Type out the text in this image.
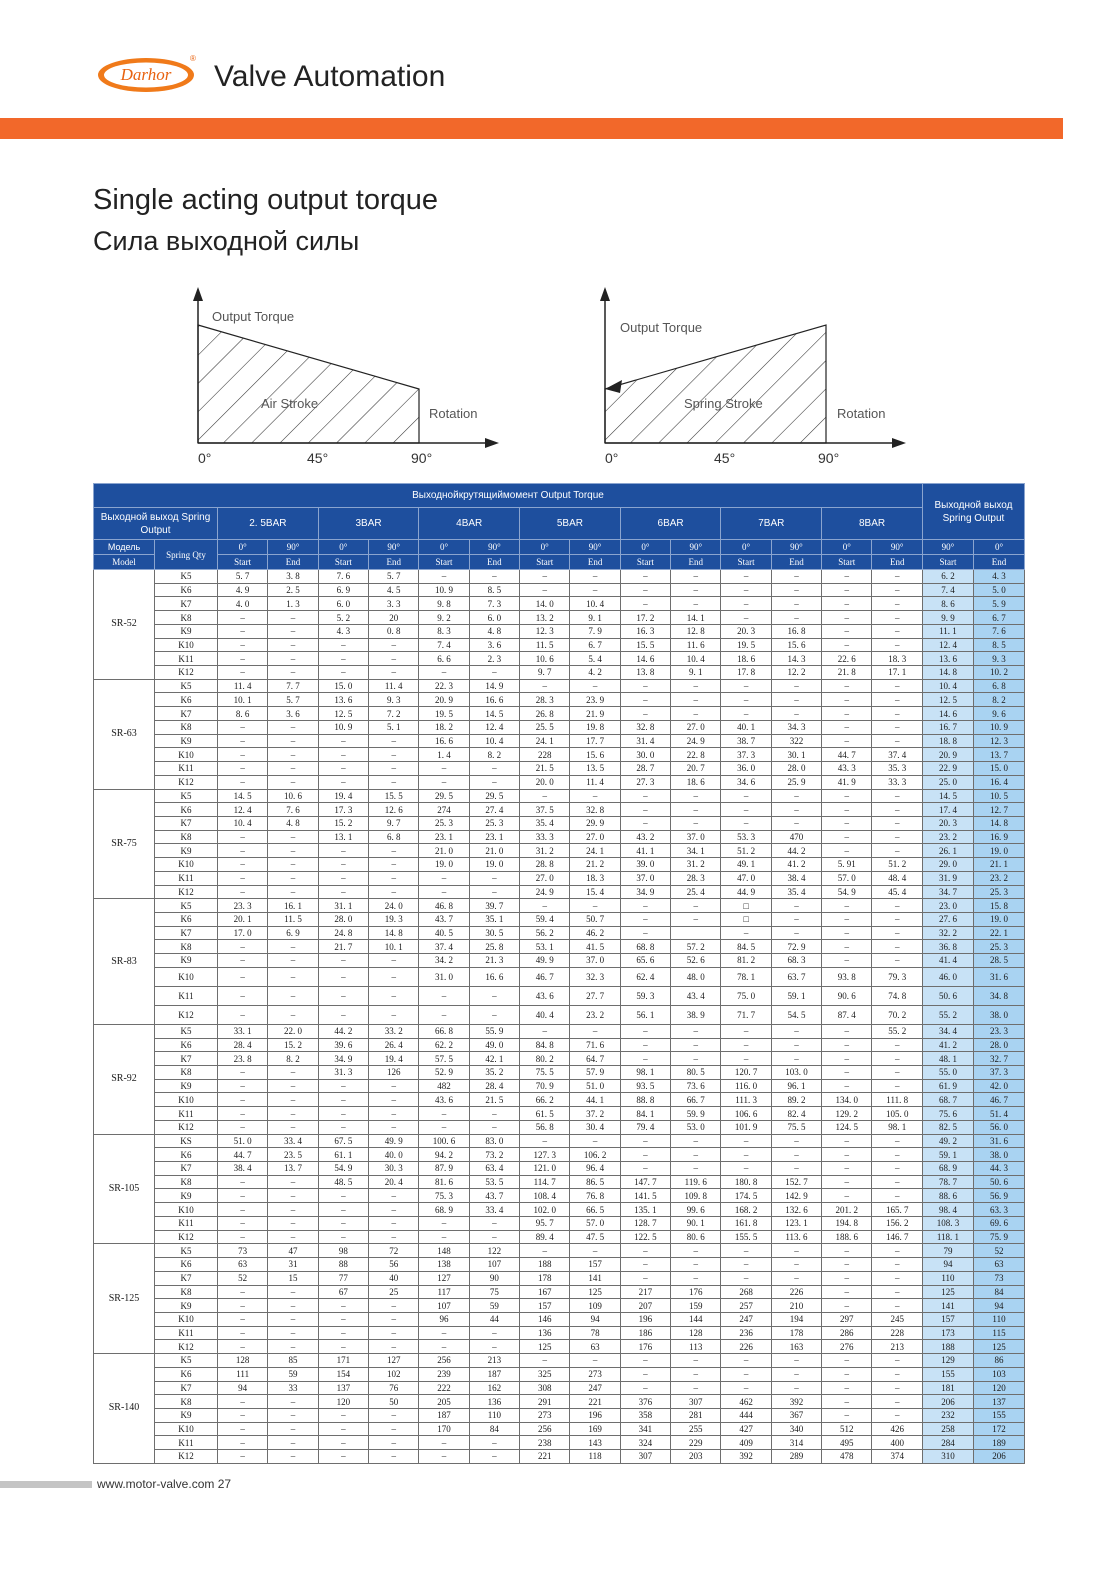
Darhor
®
Valve Automation
Single acting output torque
Сила выходной силы
Output Torque
Air Stroke
Rotation
0°	45°	90°
Output Torque
Spring Stroke
Rotation
0°	45°	90°
Выходнойкрутящиймомент Output Torque																Выходной выход Spring Output	
Выходной выход Spring Output		2. 5BAR		3BAR		4BAR		5BAR		6BAR		7BAR		8BAR			
Модель	Spring Qty	0°	90°	0°	90°	0°	90°	0°	90°	0°	90°	0°	90°	0°	90°	90°	0°
Model		Start	End	Start	End	Start	End	Start	End	Start	End	Start	End	Start	End	Start	End
SR-52	K5	5. 7	3. 8	7. 6	5. 7	–	–	–	–	–	–	–	–	–	–	6. 2	4. 3
	K6	4. 9	2. 5	6. 9	4. 5	10. 9	8. 5	–	–	–	–	–	–	–	–	7. 4	5. 0
	K7	4. 0	1. 3	6. 0	3. 3	9. 8	7. 3	14. 0	10. 4	–	–	–	–	–	–	8. 6	5. 9
	K8	–	–	5. 2	20	9. 2	6. 0	13. 2	9. 1	17. 2	14. 1	–	–	–	–	9. 9	6. 7
	K9	–	–	4. 3	0. 8	8. 3	4. 8	12. 3	7. 9	16. 3	12. 8	20. 3	16. 8	–	–	11. 1	7. 6
	K10	–	–	–	–	7. 4	3. 6	11. 5	6. 7	15. 5	11. 6	19. 5	15. 6	–	–	12. 4	8. 5
	K11	–	–	–	–	6. 6	2. 3	10. 6	5. 4	14. 6	10. 4	18. 6	14. 3	22. 6	18. 3	13. 6	9. 3
	K12	–	–	–	–	–	–	9. 7	4. 2	13. 8	9. 1	17. 8	12. 2	21. 8	17. 1	14. 8	10. 2
SR-63	K5	11. 4	7. 7	15. 0	11. 4	22. 3	14. 9	–	–	–	–	–	–	–	–	10. 4	6. 8
	K6	10. 1	5. 7	13. 6	9. 3	20. 9	16. 6	28. 3	23. 9	–	–	–	–	–	–	12. 5	8. 2
	K7	8. 6	3. 6	12. 5	7. 2	19. 5	14. 5	26. 8	21. 9	–	–	–	–	–	–	14. 6	9. 6
	K8	–	–	10. 9	5. 1	18. 2	12. 4	25. 5	19. 8	32. 8	27. 0	40. 1	34. 3	–	–	16. 7	10. 9
	K9	–	–	–	–	16. 6	10. 4	24. 1	17. 7	31. 4	24. 9	38. 7	322	–	–	18. 8	12. 3
	K10	–	–	–	–	1. 4	8. 2	228	15. 6	30. 0	22. 8	37. 3	30. 1	44. 7	37. 4	20. 9	13. 7
	K11	–	–	–	–	–	–	21. 5	13. 5	28. 7	20. 7	36. 0	28. 0	43. 3	35. 3	22. 9	15. 0
	K12	–	–	–	–	–	–	20. 0	11. 4	27. 3	18. 6	34. 6	25. 9	41. 9	33. 3	25. 0	16. 4
SR-75	K5	14. 5	10. 6	19. 4	15. 5	29. 5	29. 5	–	–	–	–	–	–	–	–	14. 5	10. 5
	K6	12. 4	7. 6	17. 3	12. 6	274	27. 4	37. 5	32. 8	–	–	–	–	–	–	17. 4	12. 7
	K7	10. 4	4. 8	15. 2	9. 7	25. 3	25. 3	35. 4	29. 9	–	–	–	–	–	–	20. 3	14. 8
	K8	–	–	13. 1	6. 8	23. 1	23. 1	33. 3	27. 0	43. 2	37. 0	53. 3	470	–	–	23. 2	16. 9
	K9	–	–	–	–	21. 0	21. 0	31. 2	24. 1	41. 1	34. 1	51. 2	44. 2	–	–	26. 1	19. 0
	K10	–	–	–	–	19. 0	19. 0	28. 8	21. 2	39. 0	31. 2	49. 1	41. 2	5. 91	51. 2	29. 0	21. 1
	K11	–	–	–	–	–	–	27. 0	18. 3	37. 0	28. 3	47. 0	38. 4	57. 0	48. 4	31. 9	23. 2
	K12	–	–	–	–	–	–	24. 9	15. 4	34. 9	25. 4	44. 9	35. 4	54. 9	45. 4	34. 7	25. 3
SR-83	K5	23. 3	16. 1	31. 1	24. 0	46. 8	39. 7	–	–	–	–	□	–	–	–	23. 0	15. 8
	K6	20. 1	11. 5	28. 0	19. 3	43. 7	35. 1	59. 4	50. 7	–	–	□	–	–	–	27. 6	19. 0
	K7	17. 0	6. 9	24. 8	14. 8	40. 5	30. 5	56. 2	46. 2	–		–	–	–	–	32. 2	22. 1
	K8	–	–	21. 7	10. 1	37. 4	25. 8	53. 1	41. 5	68. 8	57. 2	84. 5	72. 9	–	–	36. 8	25. 3
	K9	–	–	–	–	34. 2	21. 3	49. 9	37. 0	65. 6	52. 6	81. 2	68. 3	–	–	41. 4	28. 5
	K10	–	–	–	–	31. 0	16. 6	46. 7	32. 3	62. 4	48. 0	78. 1	63. 7	93. 8	79. 3	46. 0	31. 6
	K11	–	–	–	–	–	–	43. 6	27. 7	59. 3	43. 4	75. 0	59. 1	90. 6	74. 8	50. 6	34. 8
	K12	–	–	–	–	–	–	40. 4	23. 2	56. 1	38. 9	71. 7	54. 5	87. 4	70. 2	55. 2	38. 0
SR-92	K5	33. 1	22. 0	44. 2	33. 2	66. 8	55. 9	–	–	–	–	–	–	–	55. 2	34. 4	23. 3
	K6	28. 4	15. 2	39. 6	26. 4	62. 2	49. 0	84. 8	71. 6	–	–	–	–	–	–	41. 2	28. 0
	K7	23. 8	8. 2	34. 9	19. 4	57. 5	42. 1	80. 2	64. 7	–	–	–	–	–	–	48. 1	32. 7
	K8	–	–	31. 3	126	52. 9	35. 2	75. 5	57. 9	98. 1	80. 5	120. 7	103. 0	–	–	55. 0	37. 3
	K9	–	–	–	–	482	28. 4	70. 9	51. 0	93. 5	73. 6	116. 0	96. 1	–	–	61. 9	42. 0
	K10	–	–	–	–	43. 6	21. 5	66. 2	44. 1	88. 8	66. 7	111. 3	89. 2	134. 0	111. 8	68. 7	46. 7
	K11	–	–	–	–	–	–	61. 5	37. 2	84. 1	59. 9	106. 6	82. 4	129. 2	105. 0	75. 6	51. 4
	K12	–	–	–	–	–	–	56. 8	30. 4	79. 4	53. 0	101. 9	75. 5	124. 5	98. 1	82. 5	56. 0
SR-105	KS	51. 0	33. 4	67. 5	49. 9	100. 6	83. 0	–	–	–	–	–	–	–	–	49. 2	31. 6
	K6	44. 7	23. 5	61. 1	40. 0	94. 2	73. 2	127. 3	106. 2	–	–	–	–	–	–	59. 1	38. 0
	K7	38. 4	13. 7	54. 9	30. 3	87. 9	63. 4	121. 0	96. 4	–	–	–	–	–	–	68. 9	44. 3
	K8	–	–	48. 5	20. 4	81. 6	53. 5	114. 7	86. 5	147. 7	119. 6	180. 8	152. 7	–	–	78. 7	50. 6
	K9	–	–	–	–	75. 3	43. 7	108. 4	76. 8	141. 5	109. 8	174. 5	142. 9	–	–	88. 6	56. 9
	K10	–	–	–	–	68. 9	33. 4	102. 0	66. 5	135. 1	99. 6	168. 2	132. 6	201. 2	165. 7	98. 4	63. 3
	K11	–	–	–	–	–	–	95. 7	57. 0	128. 7	90. 1	161. 8	123. 1	194. 8	156. 2	108. 3	69. 6
	K12	–	–	–	–	–	–	89. 4	47. 5	122. 5	80. 6	155. 5	113. 6	188. 6	146. 7	118. 1	75. 9
SR-125	K5	73	47	98	72	148	122	–	–	–	–	–	–	–	–	79	52
	K6	63	31	88	56	138	107	188	157	–	–	–	–	–	–	94	63
	K7	52	15	77	40	127	90	178	141	–	–	–	–	–	–	110	73
	K8	–	–	67	25	117	75	167	125	217	176	268	226	–	–	125	84
	K9	–	–	–	–	107	59	157	109	207	159	257	210	–	–	141	94
	K10	–	–	–	–	96	44	146	94	196	144	247	194	297	245	157	110
	K11	–	–	–	–	–	–	136	78	186	128	236	178	286	228	173	115
	K12	–	–	–	–	–	–	125	63	176	113	226	163	276	213	188	125
SR-140	K5	128	85	171	127	256	213	–	–	–	–	–	–	–	–	129	86
	K6	111	59	154	102	239	187	325	273	–	–	–	–	–	–	155	103
	K7	94	33	137	76	222	162	308	247	–	–	–	–	–	–	181	120
	K8	–	–	120	50	205	136	291	221	376	307	462	392	–	–	206	137
	K9	–	–	–	–	187	110	273	196	358	281	444	367	–	–	232	155
	K10	–	–	–	–	170	84	256	169	341	255	427	340	512	426	258	172
	K11	–	–	–	–	–	–	238	143	324	229	409	314	495	400	284	189
	K12	–	–	–	–	–	–	221	118	307	203	392	289	478	374	310	206
www.motor-valve.com 27
